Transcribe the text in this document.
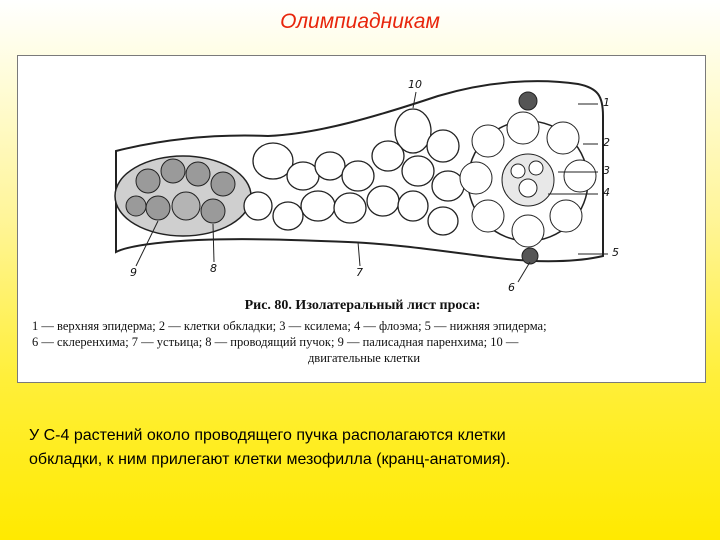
Олимпиадникам
1
2
3
4
5
6
7
8
9
10
Рис. 80. Изолатеральный лист проса:
1 — верхняя эпидерма; 2 — клетки обкладки; 3 — ксилема; 4 — флоэма; 5 — нижняя эпидерма;
6 — склеренхима; 7 — устьица; 8 — проводящий пучок; 9 — палисадная паренхима; 10 —
двигательные клетки
У С-4 растений около проводящего пучка располагаются клетки
обкладки, к ним прилегают клетки мезофилла (кранц-анатомия).
